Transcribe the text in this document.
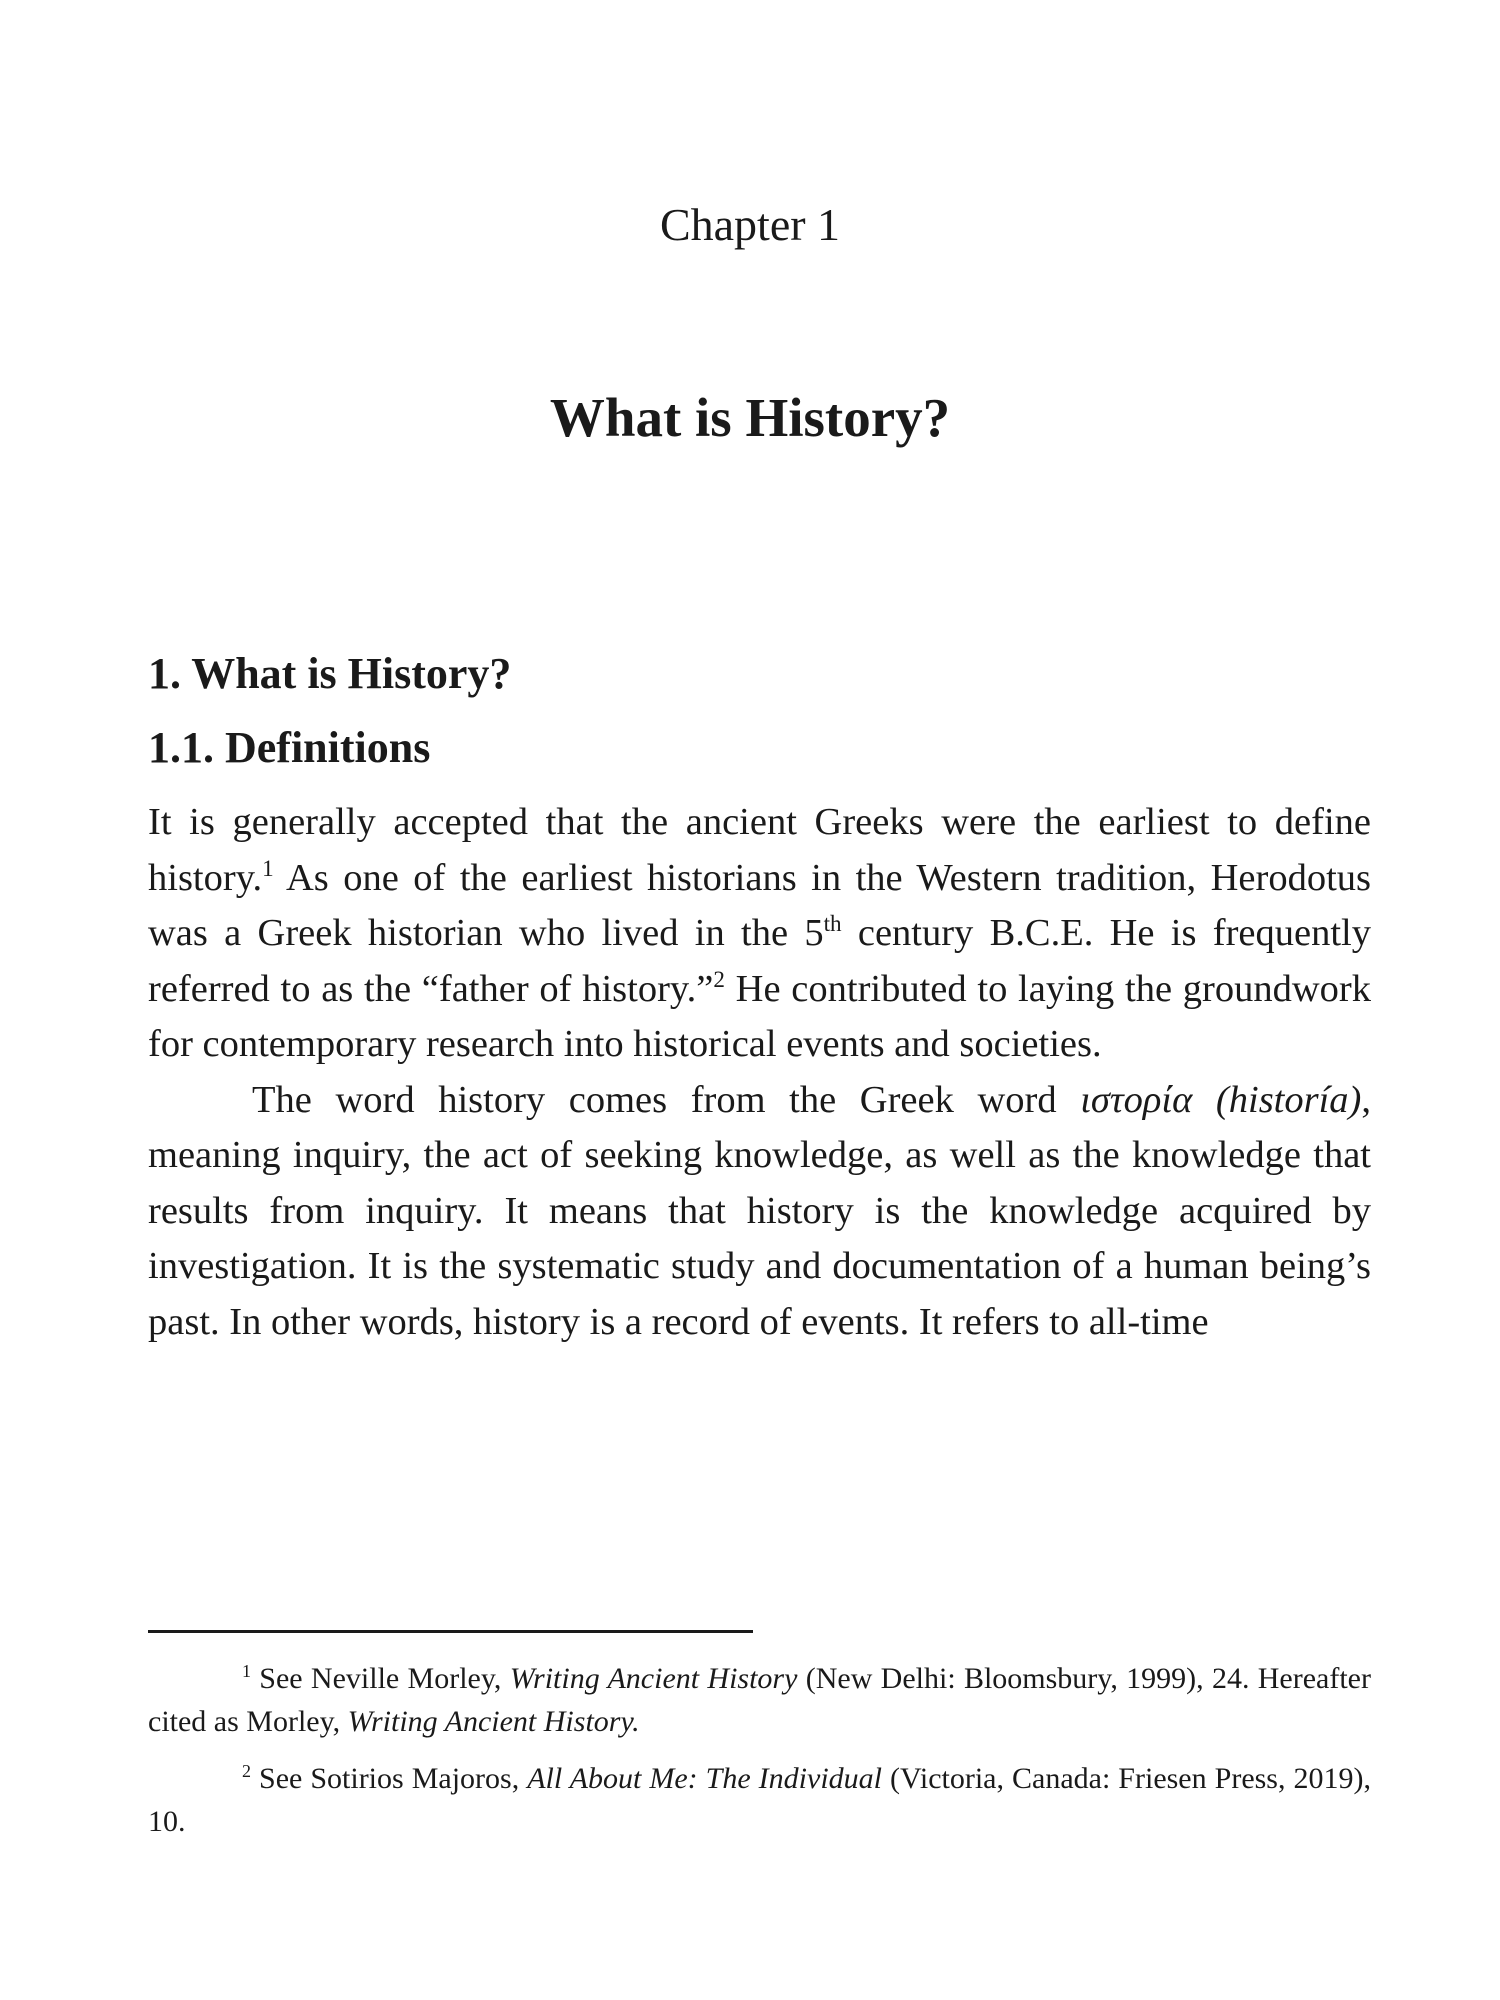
Chapter 1
What is History?
1. What is History?
1.1. Definitions

It is generally accepted that the ancient Greeks were the earliest to define history.$^1$ As one of the earliest historians in the Western tradition, Herodotus was a Greek historian who lived in the 5th century B.C.E. He is frequently referred to as the “father of history.”$^2$ He contributed to laying the groundwork for contemporary research into historical events and societies.

The word history comes from the Greek word ιστορία (historía), meaning inquiry, the act of seeking knowledge, as well as the knowledge that results from inquiry. It means that history is the knowledge acquired by investigation. It is the systematic study and documentation of a human being’s past. In other words, history is a record of events. It refers to all-time

$^1$ See Neville Morley, Writing Ancient History (New Delhi: Bloomsbury, 1999), 24. Hereafter cited as Morley, Writing Ancient History.

$^2$ See Sotirios Majoros, All About Me: The Individual (Victoria, Canada: Friesen Press, 2019), 10.
